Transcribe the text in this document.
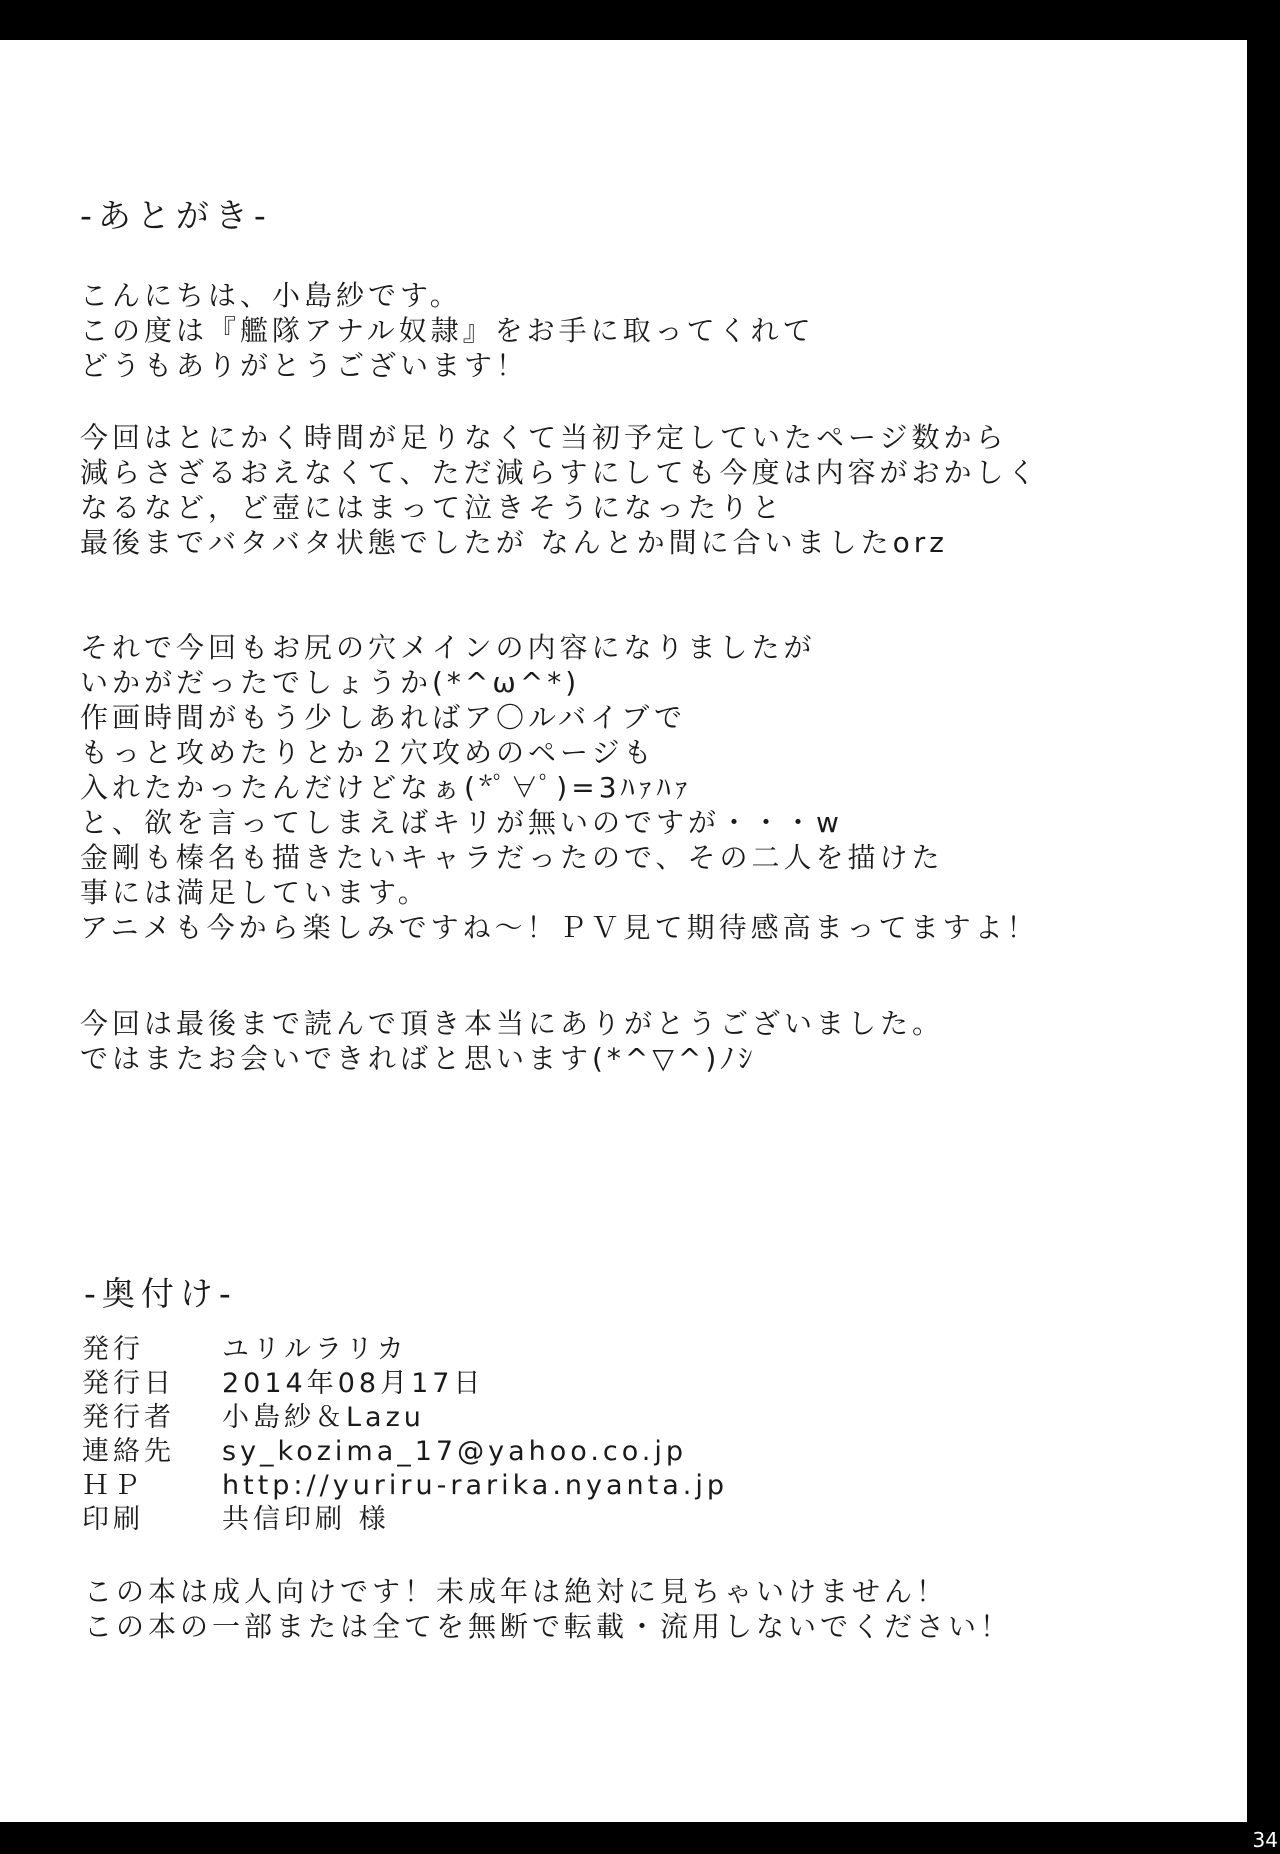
34
-あとがき-
こんにちは、小島紗です。
この度は『艦隊アナル奴隷』をお手に取ってくれて
どうもありがとうございます！
今回はとにかく時間が足りなくて当初予定していたページ数から
減らさざるおえなくて、ただ減らすにしても今度は内容がおかしく
なるなど，ど壺にはまって泣きそうになったりと
最後までバタバタ状態でしたが なんとか間に合いましたorz
それで今回もお尻の穴メインの内容になりましたが
いかがだったでしょうか(*^ω^*)
作画時間がもう少しあればア〇ルバイブで
もっと攻めたりとか２穴攻めのページも
入れたかったんだけどなぁ(*ﾟ∀ﾟ)=3ﾊｧﾊｧ
と、欲を言ってしまえばキリが無いのですが・・・w
金剛も榛名も描きたいキャラだったので、その二人を描けた
事には満足しています。
アニメも今から楽しみですね～！ＰＶ見て期待感高まってますよ！
今回は最後まで読んで頂き本当にありがとうございました。
ではまたお会いできればと思います(*^▽^)ﾉｼ
-奥付け-
発行	ユリルラリカ
発行日 2014年08月17日
発行者 小島紗＆Lazu
連絡先 sy_kozima_17@yahoo.co.jp
ＨＰ	http://yuriru-rarika.nyanta.jp
印刷	共信印刷 様
この本は成人向けです！未成年は絶対に見ちゃいけません！
この本の一部または全てを無断で転載・流用しないでください！
